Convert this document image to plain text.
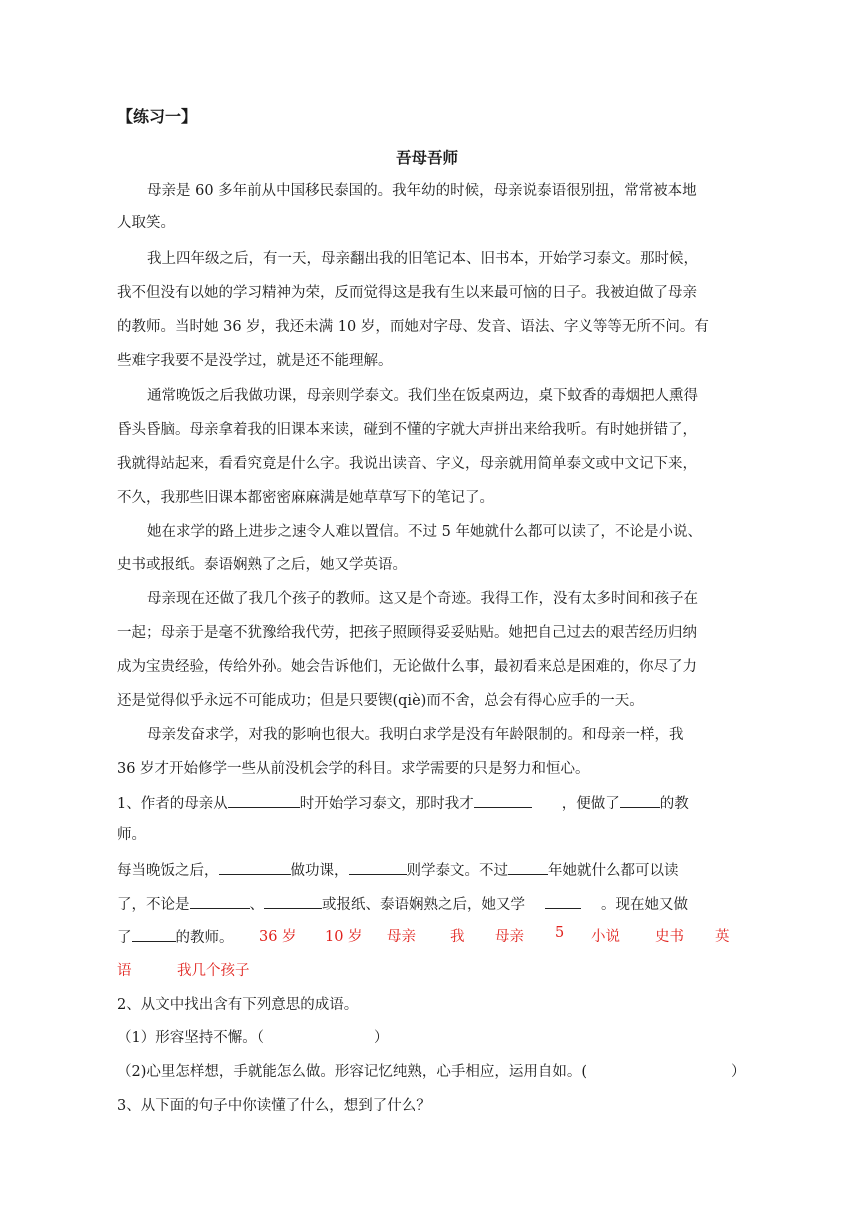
【练习一】
吾母吾师
母亲是 60 多年前从中国移民泰国的。我年幼的时候，母亲说泰语很别扭，常常被本地
人取笑。
我上四年级之后，有一天，母亲翻出我的旧笔记本、旧书本，开始学习泰文。那时候，
我不但没有以她的学习精神为荣，反而觉得这是我有生以来最可恼的日子。我被迫做了母亲
的教师。当时她 36 岁，我还未满 10 岁，而她对字母、发音、语法、字义等等无所不问。有
些难字我要不是没学过，就是还不能理解。
通常晚饭之后我做功课，母亲则学泰文。我们坐在饭桌两边，桌下蚊香的毒烟把人熏得
昏头昏脑。母亲拿着我的旧课本来读，碰到不懂的字就大声拼出来给我听。有时她拼错了，
我就得站起来，看看究竟是什么字。我说出读音、字义，母亲就用简单泰文或中文记下来，
不久，我那些旧课本都密密麻麻满是她草草写下的笔记了。
她在求学的路上进步之速令人难以置信。不过 5 年她就什么都可以读了，不论是小说、
史书或报纸。泰语娴熟了之后，她又学英语。
母亲现在还做了我几个孩子的教师。这又是个奇迹。我得工作，没有太多时间和孩子在
一起；母亲于是毫不犹豫给我代劳，把孩子照顾得妥妥贴贴。她把自己过去的艰苦经历归纳
成为宝贵经验，传给外孙。她会告诉他们，无论做什么事，最初看来总是困难的，你尽了力
还是觉得似乎永远不可能成功；但是只要锲(qiè)而不舍，总会有得心应手的一天。
母亲发奋求学，对我的影响也很大。我明白求学是没有年龄限制的。和母亲一样，我
36 岁才开始修学一些从前没机会学的科目。求学需要的只是努力和恒心。
1、作者的母亲从	时开始学习泰文，那时我才	，便做了	的教
师。
每当晚饭之后，	做功课，	则学泰文。不过	年她就什么都可以读
了，不论是	、	或报纸、泰语娴熟之后，她又学	。现在她又做
了	的教师。 36 岁 10 岁 母亲 我 母亲 5 小说 史书 英
语	我几个孩子
2、从文中找出含有下列意思的成语。
（1）形容坚持不懈。（	）
（2)心里怎样想，手就能怎么做。形容记忆纯熟，心手相应，运用自如。(	）
3、从下面的句子中你读懂了什么，想到了什么？
